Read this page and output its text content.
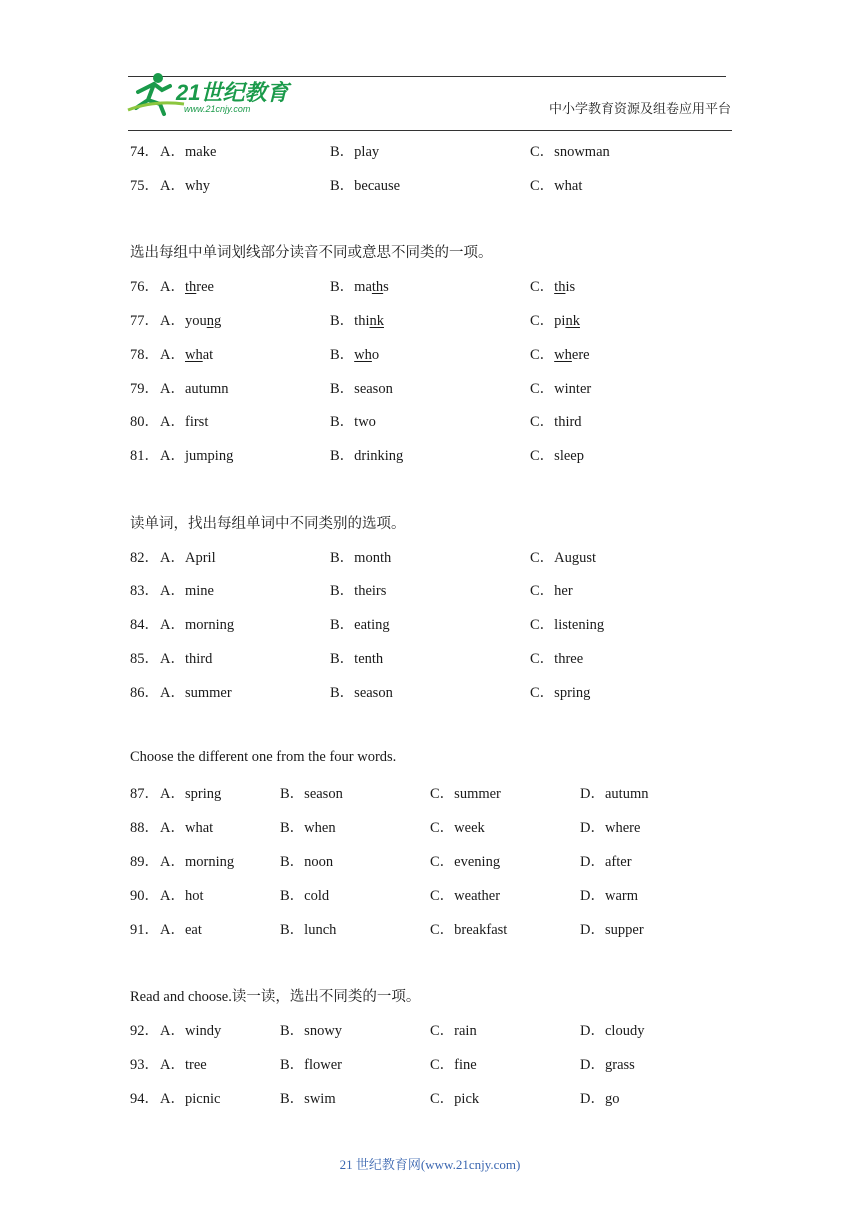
21世纪教育
www.21cnjy.com	中小学教育资源及组卷应用平台
74． A．make	B．play	C．snowman
75． A．why	B．because	C．what
选出每组中单词划线部分读音不同或意思不同类的一项。
76． A．three	B．maths	C．this
77． A．young	B．think	C．pink
78． A．what	B．who	C．where
79． A．autumn	B．season	C．winter
80． A．first	B．two	C．third
81． A．jumping	B．drinking	C．sleep
读单词，找出每组单词中不同类别的选项。
82． A．April	B．month	C．August
83． A．mine	B．theirs	C．her
84． A．morning	B．eating	C．listening
85． A．third	B．tenth	C．three
86． A．summer	B．season	C．spring
Choose the different one from the four words.
87． A．spring	B．season	C．summer	D．autumn
88． A．what	B．when	C．week	D．where
89． A．morning	B．noon	C．evening	D．after
90． A．hot	B．cold	C．weather	D．warm
91． A．eat	B．lunch	C．breakfast	D．supper
Read and choose.读一读，选出不同类的一项。
92． A．windy	B．snowy	C．rain	D．cloudy
93． A．tree	B．flower	C．fine	D．grass
94． A．picnic	B．swim	C．pick	D．go
21 世纪教育网(www.21cnjy.com)
